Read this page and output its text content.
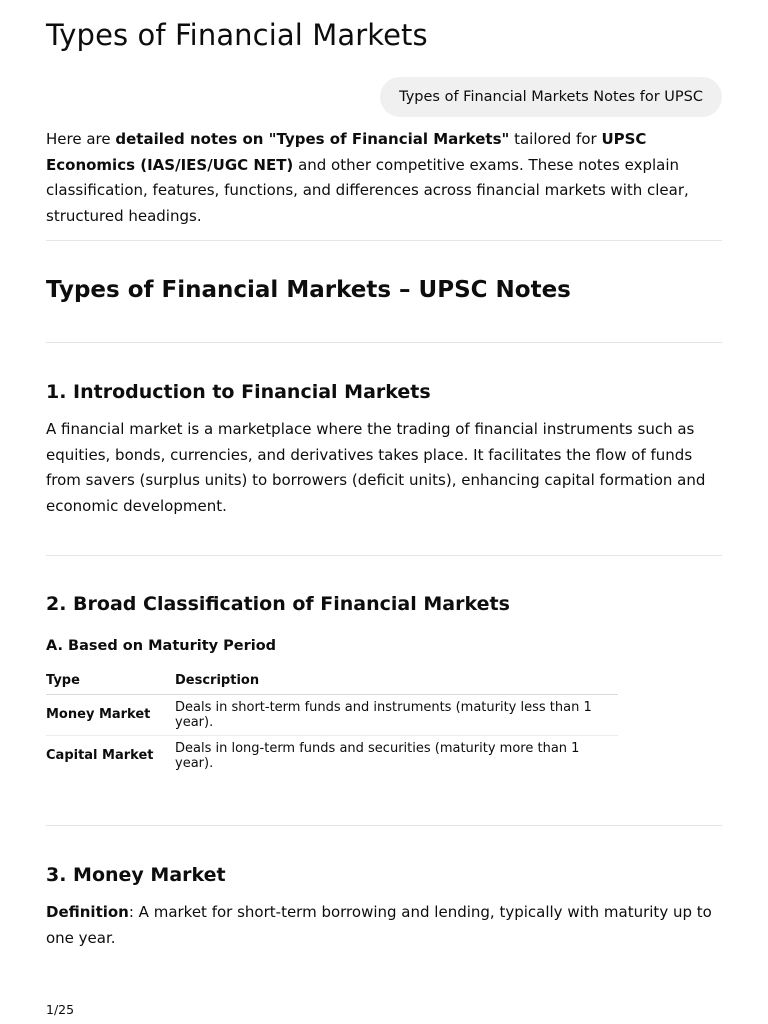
Types of Financial Markets
Types of Financial Markets Notes for UPSC

Here are detailed notes on "Types of Financial Markets" tailored for UPSC Economics (IAS/IES/UGC NET) and other competitive exams. These notes explain classification, features, functions, and differences across financial markets with clear, structured headings.

Types of Financial Markets – UPSC Notes
1. Introduction to Financial Markets

A financial market is a marketplace where the trading of financial instruments such as equities, bonds, currencies, and derivatives takes place. It facilitates the flow of funds from savers (surplus units) to borrowers (deficit units), enhancing capital formation and economic development.

2. Broad Classification of Financial Markets
A. Based on Maturity Period
Type	Description
Money Market	Deals in short-term funds and instruments (maturity less than 1 year).
Capital Market	Deals in long-term funds and securities (maturity more than 1 year).
3. Money Market

Definition: A market for short-term borrowing and lending, typically with maturity up to one year.

1/25
